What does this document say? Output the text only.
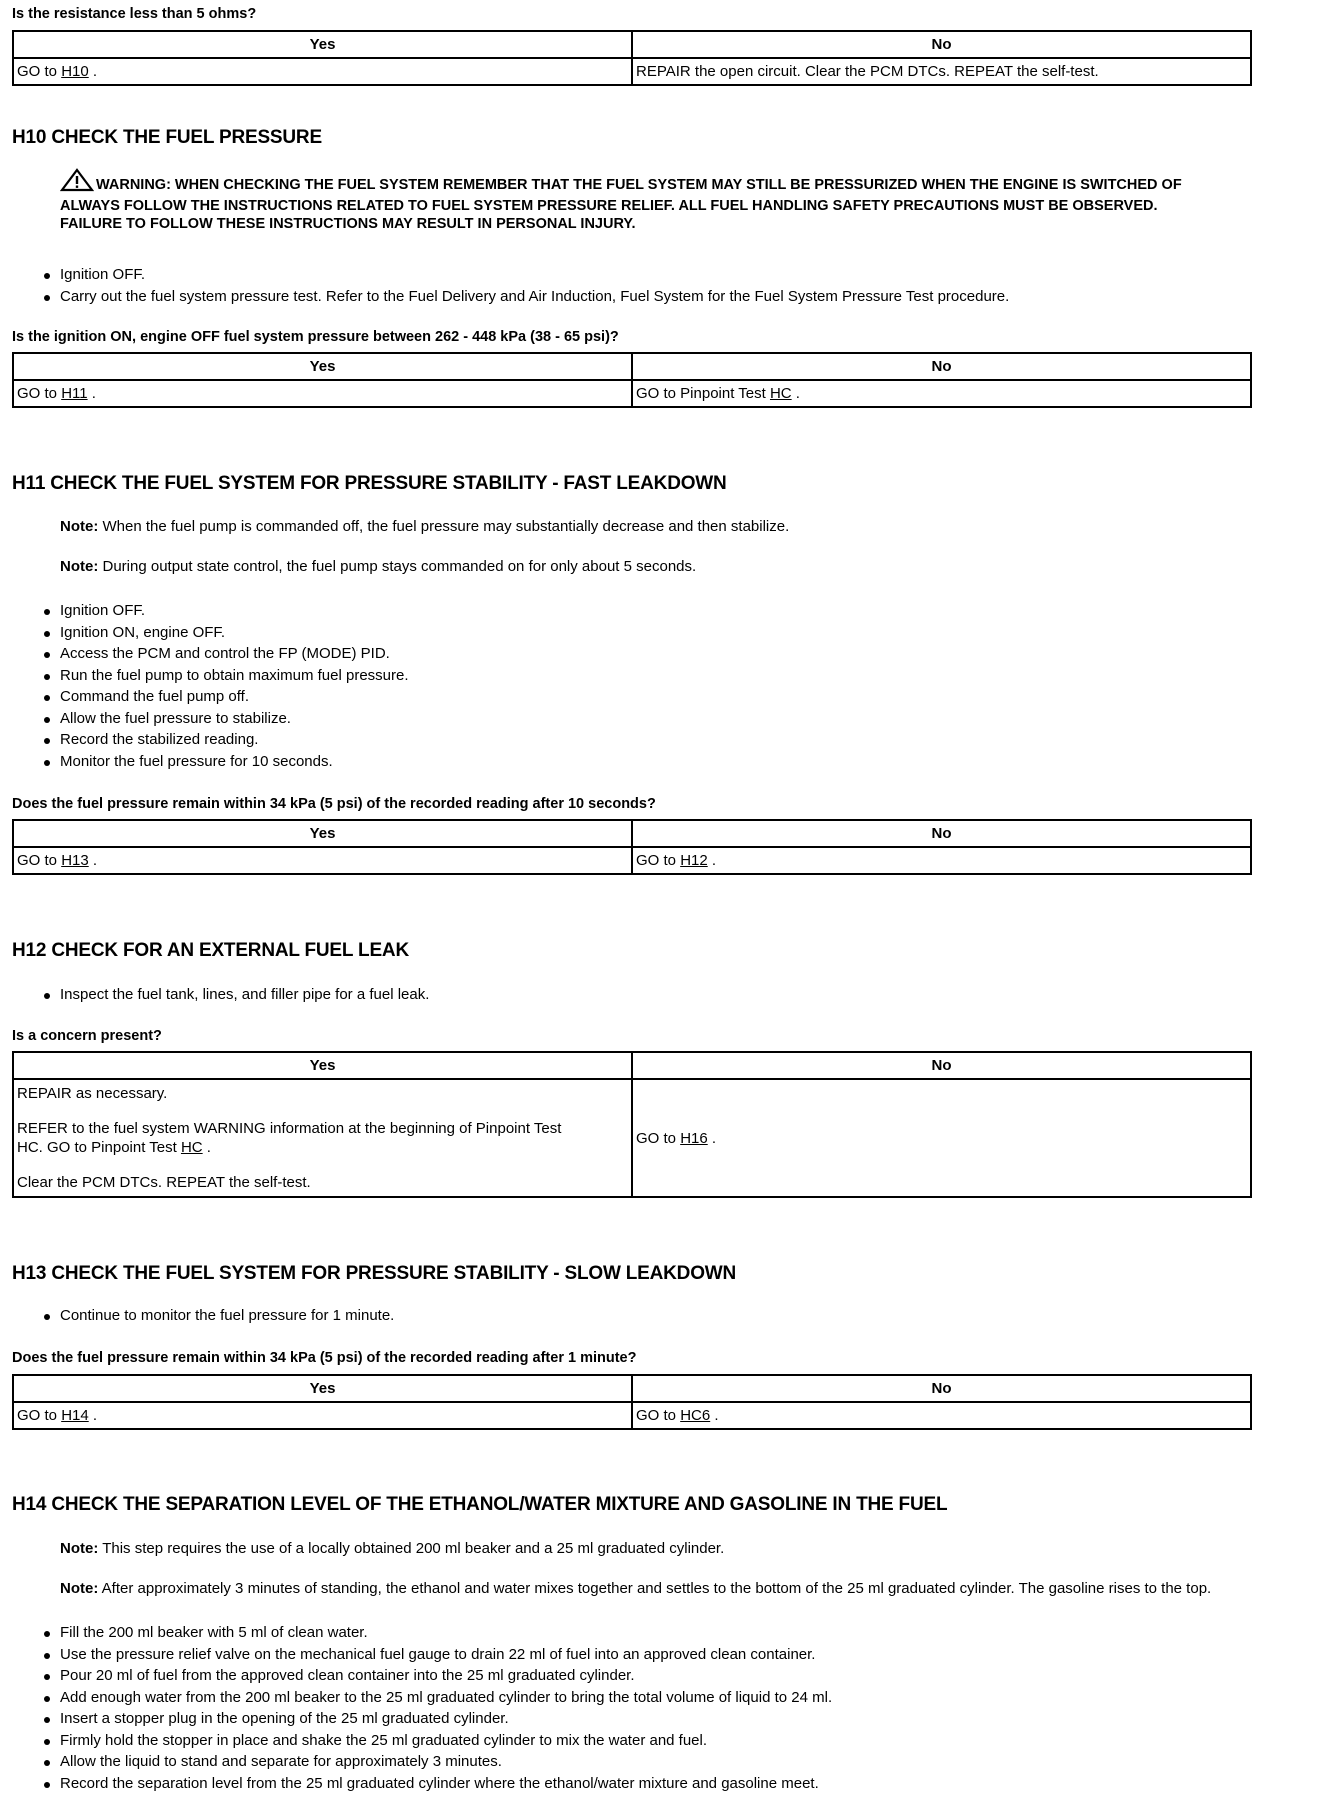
Is the resistance less than 5 ohms?

Yes	No
GO to H10 .	REPAIR the open circuit. Clear the PCM DTCs. REPEAT the self-test.
H10 CHECK THE FUEL PRESSURE
WARNING: WHEN CHECKING THE FUEL SYSTEM REMEMBER THAT THE FUEL SYSTEM MAY STILL BE PRESSURIZED WHEN THE ENGINE IS SWITCHED OF
ALWAYS FOLLOW THE INSTRUCTIONS RELATED TO FUEL SYSTEM PRESSURE RELIEF. ALL FUEL HANDLING SAFETY PRECAUTIONS MUST BE OBSERVED.
FAILURE TO FOLLOW THESE INSTRUCTIONS MAY RESULT IN PERSONAL INJURY.
Ignition OFF.
Carry out the fuel system pressure test. Refer to the Fuel Delivery and Air Induction, Fuel System for the Fuel System Pressure Test procedure.

Is the ignition ON, engine OFF fuel system pressure between 262 - 448 kPa (38 - 65 psi)?

Yes	No
GO to H11 .	GO to Pinpoint Test HC .
H11 CHECK THE FUEL SYSTEM FOR PRESSURE STABILITY - FAST LEAKDOWN

Note: When the fuel pump is commanded off, the fuel pressure may substantially decrease and then stabilize.

Note: During output state control, the fuel pump stays commanded on for only about 5 seconds.

Ignition OFF.
Ignition ON, engine OFF.
Access the PCM and control the FP (MODE) PID.
Run the fuel pump to obtain maximum fuel pressure.
Command the fuel pump off.
Allow the fuel pressure to stabilize.
Record the stabilized reading.
Monitor the fuel pressure for 10 seconds.

Does the fuel pressure remain within 34 kPa (5 psi) of the recorded reading after 10 seconds?

Yes	No
GO to H13 .	GO to H12 .
H12 CHECK FOR AN EXTERNAL FUEL LEAK
Inspect the fuel tank, lines, and filler pipe for a fuel leak.

Is a concern present?

Yes	No

REPAIR as necessary.

REFER to the fuel system WARNING information at the beginning of Pinpoint Test

HC. GO to Pinpoint Test HC .

Clear the PCM DTCs. REPEAT the self-test.	GO to H16 .
H13 CHECK THE FUEL SYSTEM FOR PRESSURE STABILITY - SLOW LEAKDOWN
Continue to monitor the fuel pressure for 1 minute.

Does the fuel pressure remain within 34 kPa (5 psi) of the recorded reading after 1 minute?

Yes	No
GO to H14 .	GO to HC6 .
H14 CHECK THE SEPARATION LEVEL OF THE ETHANOL/WATER MIXTURE AND GASOLINE IN THE FUEL

Note: This step requires the use of a locally obtained 200 ml beaker and a 25 ml graduated cylinder.

Note: After approximately 3 minutes of standing, the ethanol and water mixes together and settles to the bottom of the 25 ml graduated cylinder. The gasoline rises to the top.

Fill the 200 ml beaker with 5 ml of clean water.
Use the pressure relief valve on the mechanical fuel gauge to drain 22 ml of fuel into an approved clean container.
Pour 20 ml of fuel from the approved clean container into the 25 ml graduated cylinder.
Add enough water from the 200 ml beaker to the 25 ml graduated cylinder to bring the total volume of liquid to 24 ml.
Insert a stopper plug in the opening of the 25 ml graduated cylinder.
Firmly hold the stopper in place and shake the 25 ml graduated cylinder to mix the water and fuel.
Allow the liquid to stand and separate for approximately 3 minutes.
Record the separation level from the 25 ml graduated cylinder where the ethanol/water mixture and gasoline meet.
